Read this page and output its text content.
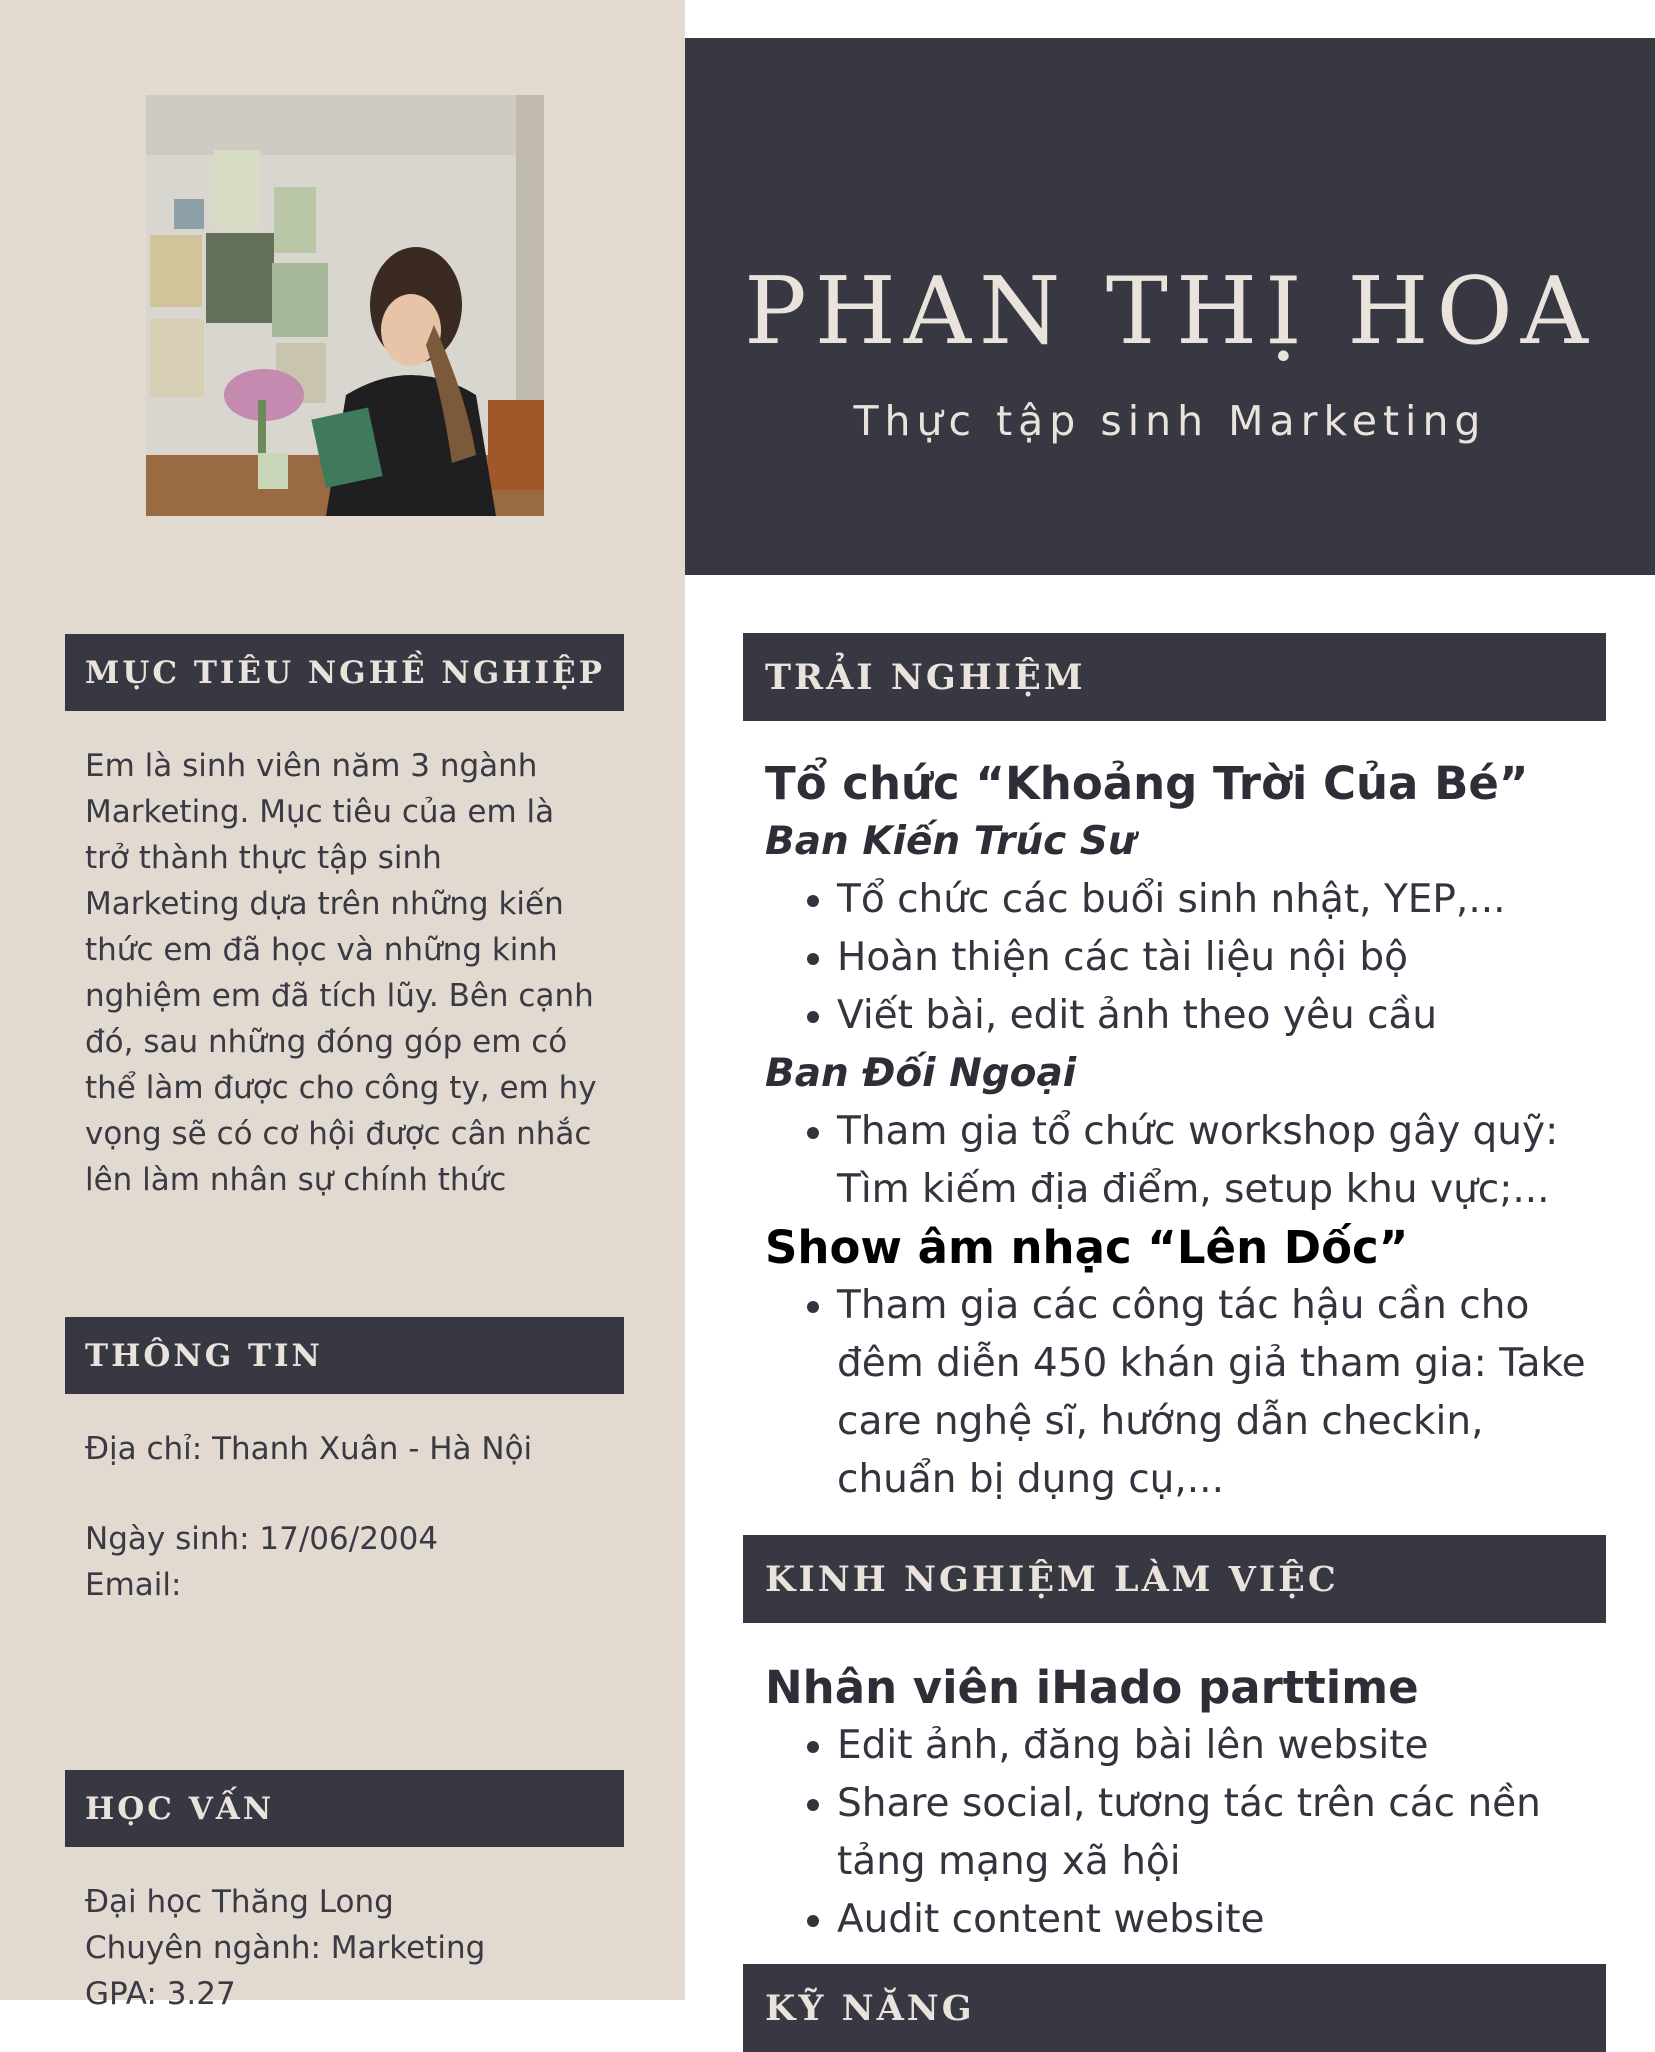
MỤC TIÊU NGHỀ NGHIỆP

Em là sinh viên năm 3 ngành Marketing. Mục tiêu của em là trở thành thực tập sinh Marketing dựa trên những kiến thức em đã học và những kinh nghiệm em đã tích lũy. Bên cạnh đó, sau những đóng góp em có thể làm được cho công ty, em hy vọng sẽ có cơ hội được cân nhắc lên làm nhân sự chính thức

THÔNG TIN

Địa chỉ: Thanh Xuân - Hà Nội

Ngày sinh: 17/06/2004

Email:

HỌC VẤN

Đại học Thăng Long

Chuyên ngành: Marketing

GPA: 3.27

PHAN THỊ HOA
Thực tập sinh Marketing
TRẢI NGHIỆM
Tổ chức “Khoảng Trời Của Bé”
Ban Kiến Trúc Sư
• Tổ chức các buổi sinh nhật, YEP,...
• Hoàn thiện các tài liệu nội bộ
• Viết bài, edit ảnh theo yêu cầu
Ban Đối Ngoại
• Tham gia tổ chức workshop gây quỹ: Tìm kiếm địa điểm, setup khu vực;...
Show âm nhạc “Lên Dốc”
• Tham gia các công tác hậu cần cho đêm diễn 450 khán giả tham gia: Take care nghệ sĩ, hướng dẫn checkin, chuẩn bị dụng cụ,...
KINH NGHIỆM LÀM VIỆC
Nhân viên iHado parttime
• Edit ảnh, đăng bài lên website
• Share social, tương tác trên các nền tảng mạng xã hội
• Audit content website
KỸ NĂNG
